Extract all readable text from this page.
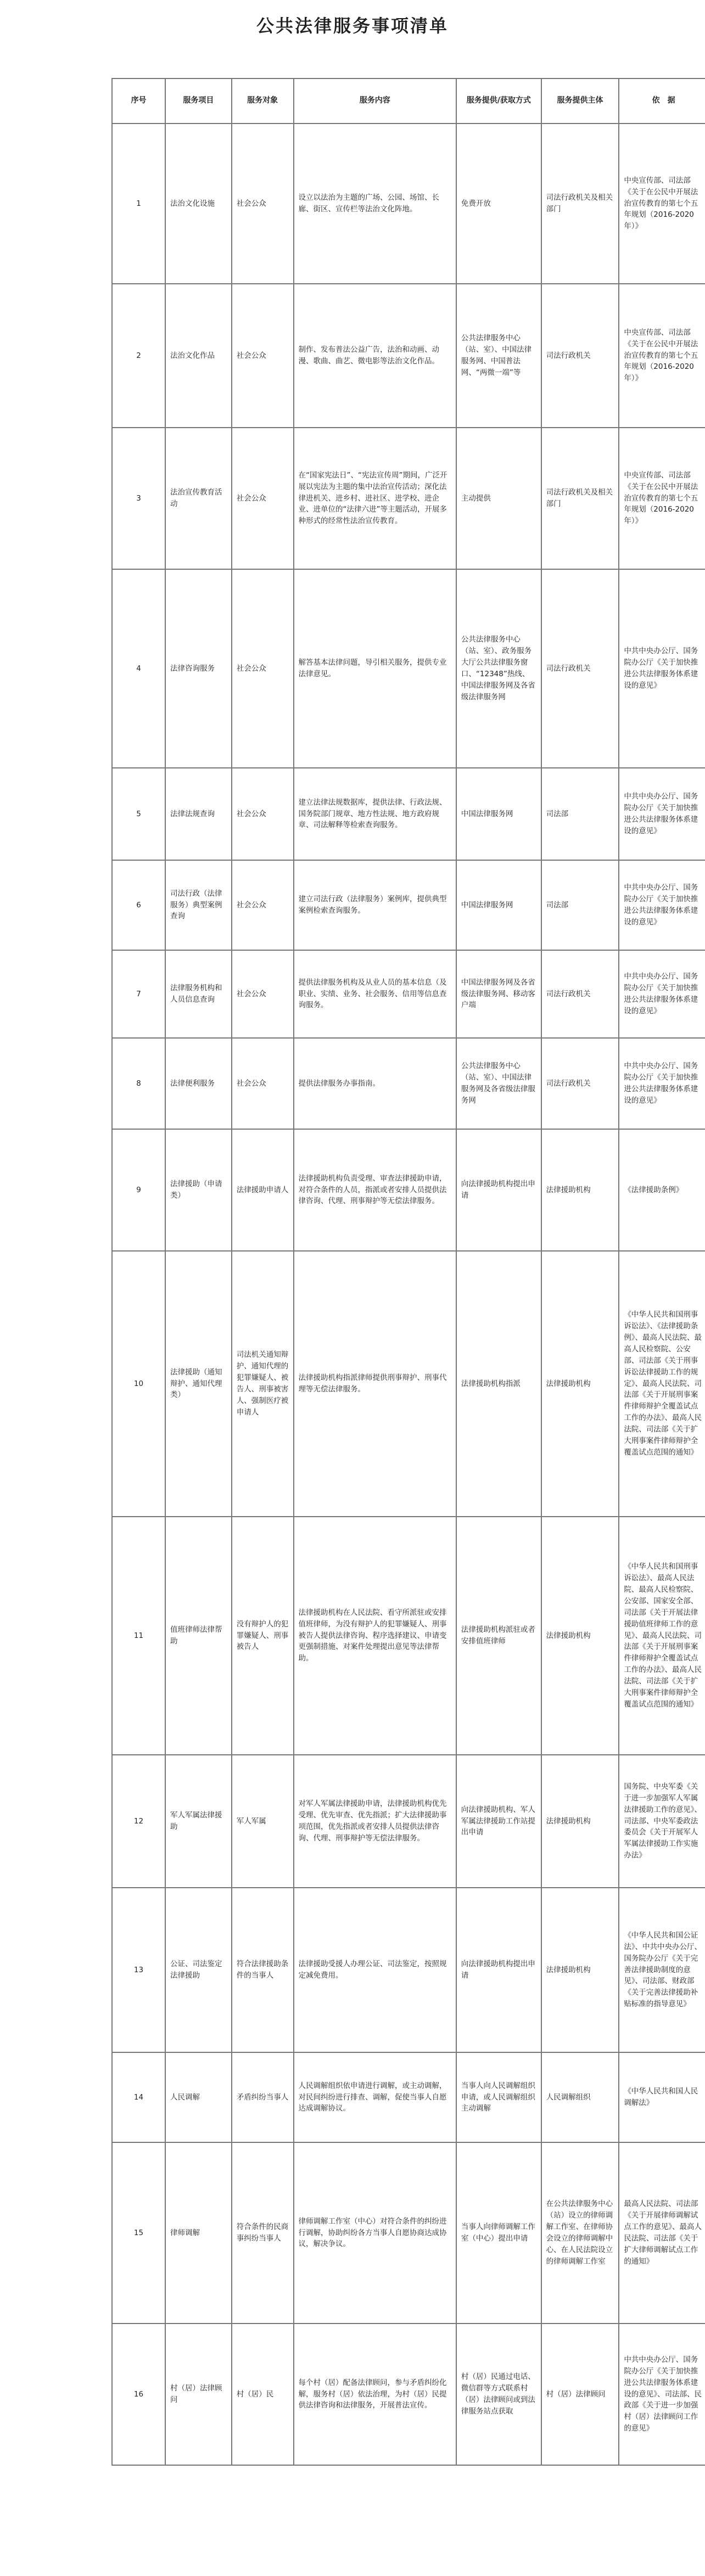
公共法律服务事项清单
序号	服务项目	服务对象	服务内容	服务提供/获取方式	服务提供主体	依　据
1	法治文化设施	社会公众	设立以法治为主题的广场、公园、场馆、长廊、街区、宣传栏等法治文化阵地。	免费开放	司法行政机关及相关部门	中央宣传部、司法部《关于在公民中开展法治宣传教育的第七个五年规划（2016-2020年）》
2	法治文化作品	社会公众	制作、发布普法公益广告，法治和动画、动漫、歌曲、曲艺、微电影等法治文化作品。	公共法律服务中心（站、室）、中国法律服务网、中国普法网、“两微一端”等	司法行政机关	中央宣传部、司法部《关于在公民中开展法治宣传教育的第七个五年规划（2016-2020年）》
3	法治宣传教育活动	社会公众	在“国家宪法日”、“宪法宣传周”期间，广泛开展以宪法为主题的集中法治宣传活动；深化法律进机关、进乡村、进社区、进学校、进企业、进单位的“法律六进”等主题活动，开展多种形式的经常性法治宣传教育。	主动提供	司法行政机关及相关部门	中央宣传部、司法部《关于在公民中开展法治宣传教育的第七个五年规划（2016-2020年）》
4	法律咨询服务	社会公众	解答基本法律问题，导引相关服务，提供专业法律意见。	公共法律服务中心（站、室）、政务服务大厅公共法律服务窗口、“12348”热线、中国法律服务网及各省级法律服务网	司法行政机关	中共中央办公厅、国务院办公厅《关于加快推进公共法律服务体系建设的意见》
5	法律法规查询	社会公众	建立法律法规数据库，提供法律、行政法规、国务院部门规章、地方性法规、地方政府规章、司法解释等检索查询服务。	中国法律服务网	司法部	中共中央办公厅、国务院办公厅《关于加快推进公共法律服务体系建设的意见》
6	司法行政（法律服务）典型案例查询	社会公众	建立司法行政（法律服务）案例库，提供典型案例检索查询服务。	中国法律服务网	司法部	中共中央办公厅、国务院办公厅《关于加快推进公共法律服务体系建设的意见》
7	法律服务机构和人员信息查询	社会公众	提供法律服务机构及从业人员的基本信息（及职业、实绩、业务、社会服务、信用等信息查询服务。	中国法律服务网及各省级法律服务网、移动客户端	司法行政机关	中共中央办公厅、国务院办公厅《关于加快推进公共法律服务体系建设的意见》
8	法律便利服务	社会公众	提供法律服务办事指南。	公共法律服务中心（站、室）、中国法律服务网及各省级法律服务网	司法行政机关	中共中央办公厅、国务院办公厅《关于加快推进公共法律服务体系建设的意见》
9	法律援助（申请类）	法律援助申请人	法律援助机构负责受理、审查法律援助申请，对符合条件的人员，指派或者安排人员提供法律咨询、代理、刑事辩护等无偿法律服务。	向法律援助机构提出申请	法律援助机构	《法律援助条例》
10	法律援助（通知辩护、通知代理类）	司法机关通知辩护、通知代理的犯罪嫌疑人、被告人、刑事被害人、强制医疗被申请人	法律援助机构指派律师提供刑事辩护、刑事代理等无偿法律服务。	法律援助机构指派	法律援助机构	《中华人民共和国刑事诉讼法》、《法律援助条例》、最高人民法院、最高人民检察院、公安部、司法部《关于刑事诉讼法律援助工作的规定》、最高人民法院、司法部《关于开展刑事案件律师辩护全覆盖试点工作的办法》、最高人民法院、司法部《关于扩大刑事案件律师辩护全覆盖试点范围的通知》
11	值班律师法律帮助	没有辩护人的犯罪嫌疑人、刑事被告人	法律援助机构在人民法院、看守所派驻或安排值班律师，为没有辩护人的犯罪嫌疑人、刑事被告人提供法律咨询、程序选择建议、申请变更强制措施、对案件处理提出意见等法律帮助。	法律援助机构派驻或者安排值班律师	法律援助机构	《中华人民共和国刑事诉讼法》、最高人民法院、最高人民检察院、公安部、国家安全部、司法部《关于开展法律援助值班律师工作的意见》、最高人民法院、司法部《关于开展刑事案件律师辩护全覆盖试点工作的办法》、最高人民法院、司法部《关于扩大刑事案件律师辩护全覆盖试点范围的通知》
12	军人军属法律援助	军人军属	对军人军属法律援助申请，法律援助机构优先受理、优先审查、优先指派；扩大法律援助事项范围，优先指派或者安排人员提供法律咨询、代理、刑事辩护等无偿法律服务。	向法律援助机构、军人军属法律援助工作站提出申请	法律援助机构	国务院、中央军委《关于进一步加强军人军属法律援助工作的意见》、司法部、中央军委政法委员会《关于开展军人军属法律援助工作实施办法》
13	公证、司法鉴定法律援助	符合法律援助条件的当事人	法律援助受援人办理公证、司法鉴定，按照规定减免费用。	向法律援助机构提出申请	法律援助机构	《中华人民共和国公证法》、中共中央办公厅、国务院办公厅《关于完善法律援助制度的意见》、司法部、财政部《关于完善法律援助补贴标准的指导意见》
14	人民调解	矛盾纠纷当事人	人民调解组织依申请进行调解，或主动调解，对民间纠纷进行排查、调解，促使当事人自愿达成调解协议。	当事人向人民调解组织申请，或人民调解组织主动调解	人民调解组织	《中华人民共和国人民调解法》
15	律师调解	符合条件的民商事纠纷当事人	律师调解工作室（中心）对符合条件的纠纷进行调解，协助纠纷各方当事人自愿协商达成协议，解决争议。	当事人向律师调解工作室（中心）提出申请	在公共法律服务中心（站）设立的律师调解工作室、在律师协会设立的律师调解中心、在人民法院设立的律师调解工作室	最高人民法院、司法部《关于开展律师调解试点工作的意见》、最高人民法院、司法部《关于扩大律师调解试点工作的通知》
16	村（居）法律顾问	村（居）民	每个村（居）配备法律顾问，参与矛盾纠纷化解，服务村（居）依法治理，为村（居）民提供法律咨询和法律服务，开展普法宣传。	村（居）民通过电话、微信群等方式联系村（居）法律顾问或到法律服务站点获取	村（居）法律顾问	中共中央办公厅、国务院办公厅《关于加快推进公共法律服务体系建设的意见》、司法部、民政部《关于进一步加强村（居）法律顾问工作的意见》
